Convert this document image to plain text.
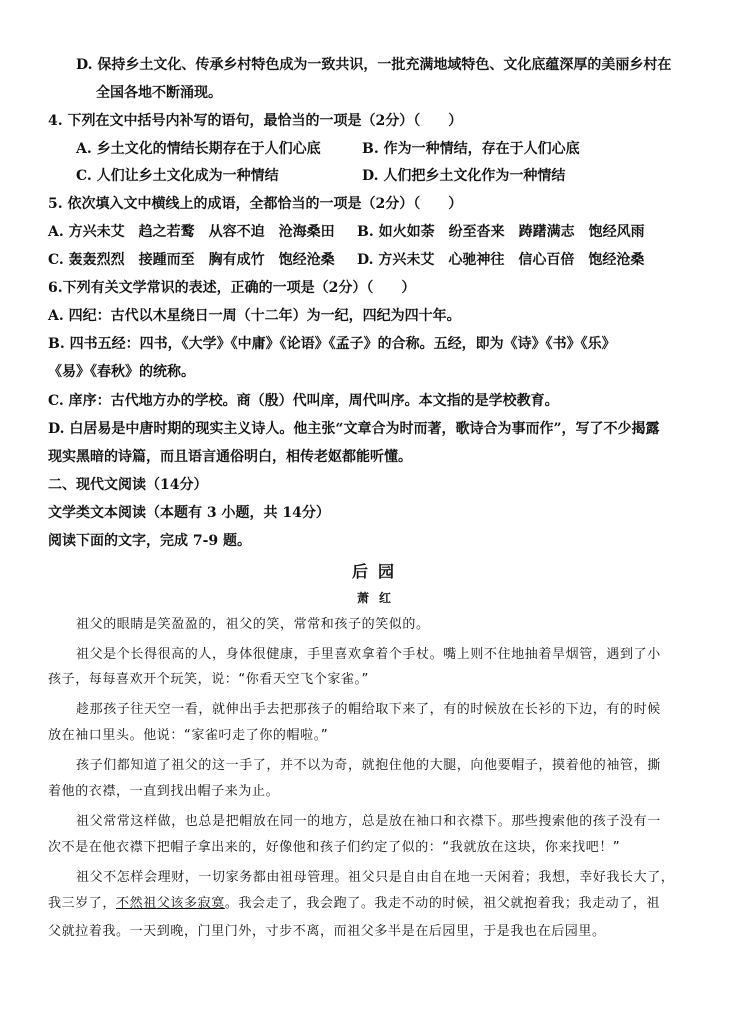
D. 保持乡土文化、传承乡村特色成为一致共识，一批充满地域特色、文化底蕴深厚的美丽乡村在
全国各地不断涌现。
4. 下列在文中括号内补写的语句，最恰当的一项是（2分）（　　）
A. 乡土文化的情结长期存在于人们心底	B. 作为一种情结，存在于人们心底
C. 人们让乡土文化成为一种情结	D. 人们把乡土文化作为一种情结
5. 依次填入文中横线上的成语，全都恰当的一项是（2分）（　　）
A. 方兴未艾　趋之若鹜　从容不迫　沧海桑田 B. 如火如荼　纷至沓来　踌躇满志　饱经风雨
C. 轰轰烈烈　接踵而至　胸有成竹　饱经沧桑 D. 方兴未艾　心驰神往　信心百倍　饱经沧桑
6.下列有关文学常识的表述，正确的一项是（2分）（　　）
A. 四纪：古代以木星绕日一周（十二年）为一纪，四纪为四十年。
B. 四书五经：四书，《大学》《中庸》《论语》《孟子》的合称。五经，即为《诗》《书》《乐》
《易》《春秋》的统称。
C. 庠序：古代地方办的学校。商（殷）代叫庠，周代叫序。本文指的是学校教育。
D. 白居易是中唐时期的现实主义诗人。他主张“文章合为时而著，歌诗合为事而作”，写了不少揭露
现实黑暗的诗篇，而且语言通俗明白，相传老妪都能听懂。
二、现代文阅读（14分）
文学类文本阅读（本题有 3 小题，共 14分）
阅读下面的文字，完成 7-9 题。
后园
萧红
祖父的眼睛是笑盈盈的，祖父的笑，常常和孩子的笑似的。
祖父是个长得很高的人，身体很健康，手里喜欢拿着个手杖。嘴上则不住地抽着旱烟管，遇到了小
孩子，每每喜欢开个玩笑，说：“你看天空飞个家雀。”
趁那孩子往天空一看，就伸出手去把那孩子的帽给取下来了，有的时候放在长衫的下边，有的时候
放在袖口里头。他说：“家雀叼走了你的帽啦。”
孩子们都知道了祖父的这一手了，并不以为奇，就抱住他的大腿，向他要帽子，摸着他的袖管，撕
着他的衣襟，一直到找出帽子来为止。
祖父常常这样做，也总是把帽放在同一的地方，总是放在袖口和衣襟下。那些搜索他的孩子没有一
次不是在他衣襟下把帽子拿出来的，好像他和孩子们约定了似的：“我就放在这块，你来找吧！”
祖父不怎样会理财，一切家务都由祖母管理。祖父只是自由自在地一天闲着；我想，幸好我长大了，
我三岁了，不然祖父该多寂寞。我会走了，我会跑了。我走不动的时候，祖父就抱着我；我走动了，祖
父就拉着我。一天到晚，门里门外，寸步不离，而祖父多半是在后园里，于是我也在后园里。
